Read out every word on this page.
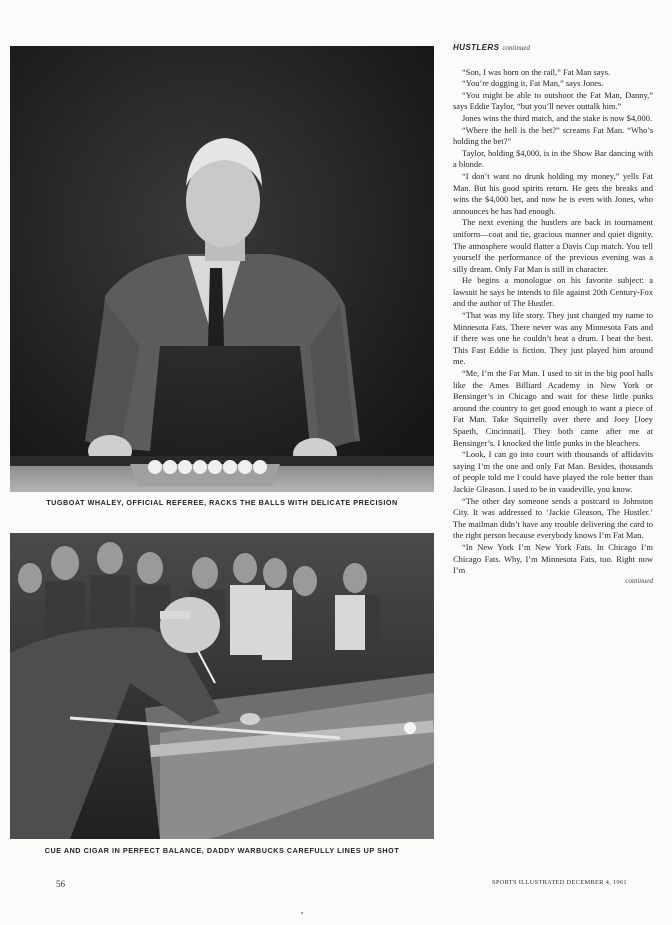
TUGBOAT WHALEY, OFFICIAL REFEREE, RACKS THE BALLS WITH DELICATE PRECISION
CUE AND CIGAR IN PERFECT BALANCE, DADDY WARBUCKS CAREFULLY LINES UP SHOT
HUSTLERS continued

“Son, I was born on the rail,” Fat Man says.

“You’re dogging it, Fat Man,” says Jones.

“You might be able to outshoot the Fat Man, Danny,” says Eddie Taylor, “but you’ll never outtalk him.”

Jones wins the third match, and the stake is now $4,000.

“Where the hell is the bet?” screams Fat Man. “Who’s holding the bet?”

Taylor, holding $4,000, is in the Show Bar dancing with a blonde.

“I don’t want no drunk holding my money,” yells Fat Man. But his good spirits return. He gets the breaks and wins the $4,000 bet, and now he is even with Jones, who announces he has had enough.

The next evening the hustlers are back in tournament uniform—coat and tie, gracious manner and quiet dignity. The atmosphere would flatter a Davis Cup match. You tell yourself the performance of the previous evening was a silly dream. Only Fat Man is still in character.

He begins a monologue on his favorite subject: a lawsuit he says he intends to file against 20th Century-Fox and the author of The Hustler.

“That was my life story. They just changed my name to Minnesota Fats. There never was any Minnesota Fats and if there was one he couldn’t beat a drum. I beat the best. This Fast Eddie is fiction. They just played him around me.

“Me, I’m the Fat Man. I used to sit in the big pool halls like the Ames Billiard Academy in New York or Bensinger’s in Chicago and wait for these little punks around the country to get good enough to want a piece of Fat Man. Take Squirrelly over there and Joey [Joey Spaeth, Cincinnati]. They both came after me at Bensinger’s. I knocked the little punks in the bleachers.

“Look, I can go into court with thousands of affidavits saying I’m the one and only Fat Man. Besides, thousands of people told me I could have played the role better than Jackie Gleason. I used to be in vaudeville, you know.

“The other day someone sends a postcard to Johnston City. It was addressed to ‘Jackie Gleason, The Hustler.’ The mailman didn’t have any trouble delivering the card to the right person because everybody knows I’m Fat Man.

“In New York I’m New York Fats. In Chicago I’m Chicago Fats. Why, I’m Minnesota Fats, too. Right now I’m

continued
56	SPORTS ILLUSTRATED DECEMBER 4, 1961
